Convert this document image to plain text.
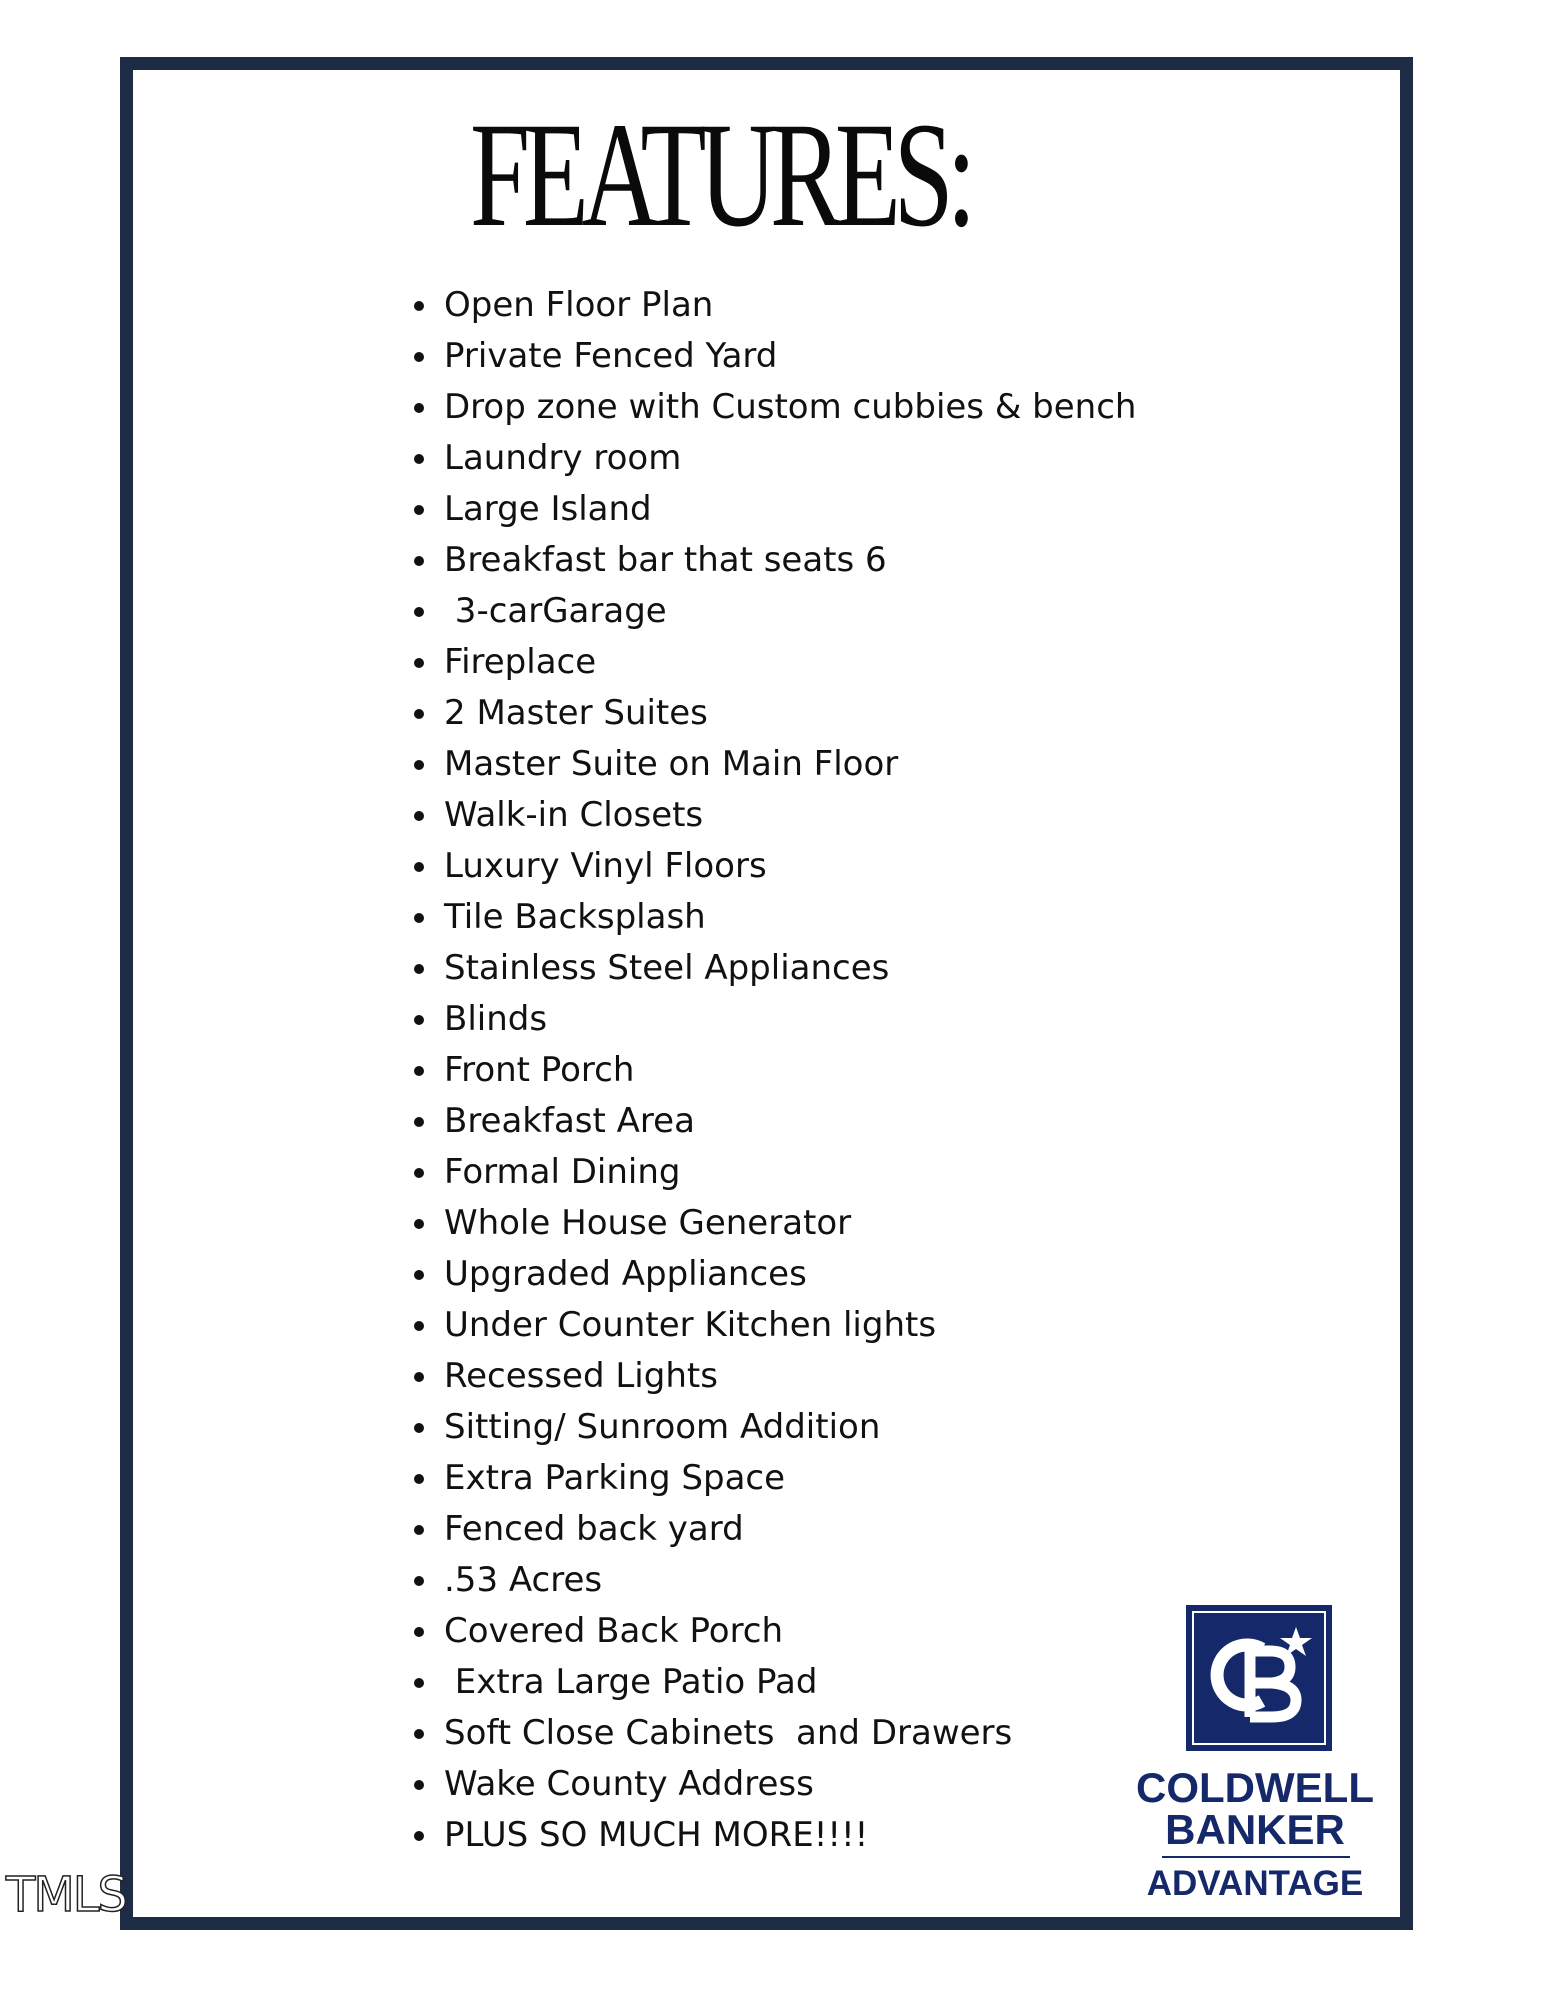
FEATURES:
Open Floor Plan
Private Fenced Yard
Drop zone with Custom cubbies & bench
Laundry room
Large Island
Breakfast bar that seats 6
3-carGarage
Fireplace
2 Master Suites
Master Suite on Main Floor
Walk-in Closets
Luxury Vinyl Floors
Tile Backsplash
Stainless Steel Appliances
Blinds
Front Porch
Breakfast Area
Formal Dining
Whole House Generator
Upgraded Appliances
Under Counter Kitchen lights
Recessed Lights
Sitting/ Sunroom Addition
Extra Parking Space
Fenced back yard
.53 Acres
Covered Back Porch
Extra Large Patio Pad
Soft Close Cabinets  and Drawers
Wake County Address
PLUS SO MUCH MORE!!!!
COLDWELL
BANKER
ADVANTAGE
TMLS
